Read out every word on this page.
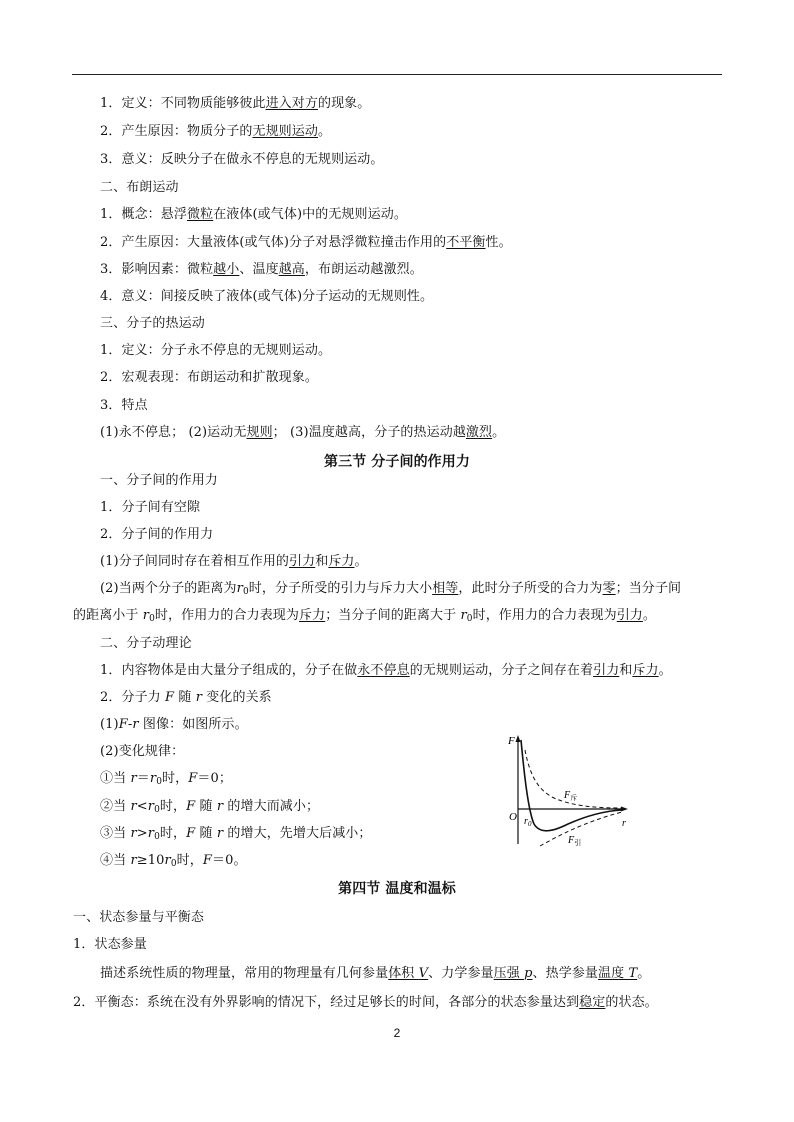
1．定义：不同物质能够彼此进入对方的现象。
2．产生原因：物质分子的无规则运动。
3．意义：反映分子在做永不停息的无规则运动。
二、布朗运动
1．概念：悬浮微粒在液体(或气体)中的无规则运动。
2．产生原因：大量液体(或气体)分子对悬浮微粒撞击作用的不平衡性。
3．影响因素：微粒越小、温度越高，布朗运动越激烈。
4．意义：间接反映了液体(或气体)分子运动的无规则性。
三、分子的热运动
1．定义：分子永不停息的无规则运动。
2．宏观表现：布朗运动和扩散现象。
3．特点
(1)永不停息； (2)运动无规则； (3)温度越高，分子的热运动越激烈。
第三节 分子间的作用力
一、分子间的作用力
1．分子间有空隙
2．分子间的作用力
(1)分子间同时存在着相互作用的引力和斥力。
(2)当两个分子的距离为$r_0$时，分子所受的引力与斥力大小相等，此时分子所受的合力为零；当分子间
的距离小于 $r_0$时，作用力的合力表现为斥力；当分子间的距离大于 $r_0$时，作用力的合力表现为引力。
二、分子动理论
1．内容物体是由大量分子组成的，分子在做永不停息的无规则运动，分子之间存在着引力和斥力。
2．分子力 F 随 r 变化的关系
(1)F-r 图像：如图所示。
(2)变化规律：
①当 $r=r_0$时，F＝0；
②当 $r<r_0$时，F 随 r 的增大而减小；
③当 $r>r_0$时，F 随 r 的增大，先增大后减小；
④当 $r\ge 10r_0$时，F＝0。
F
r
O $r_0$
$F_斥$
$F_引$
第四节 温度和温标
一、状态参量与平衡态
1．状态参量
描述系统性质的物理量，常用的物理量有几何参量体积 V、力学参量压强 p、热学参量温度 T。
2．平衡态：系统在没有外界影响的情况下，经过足够长的时间，各部分的状态参量达到稳定的状态。
2
